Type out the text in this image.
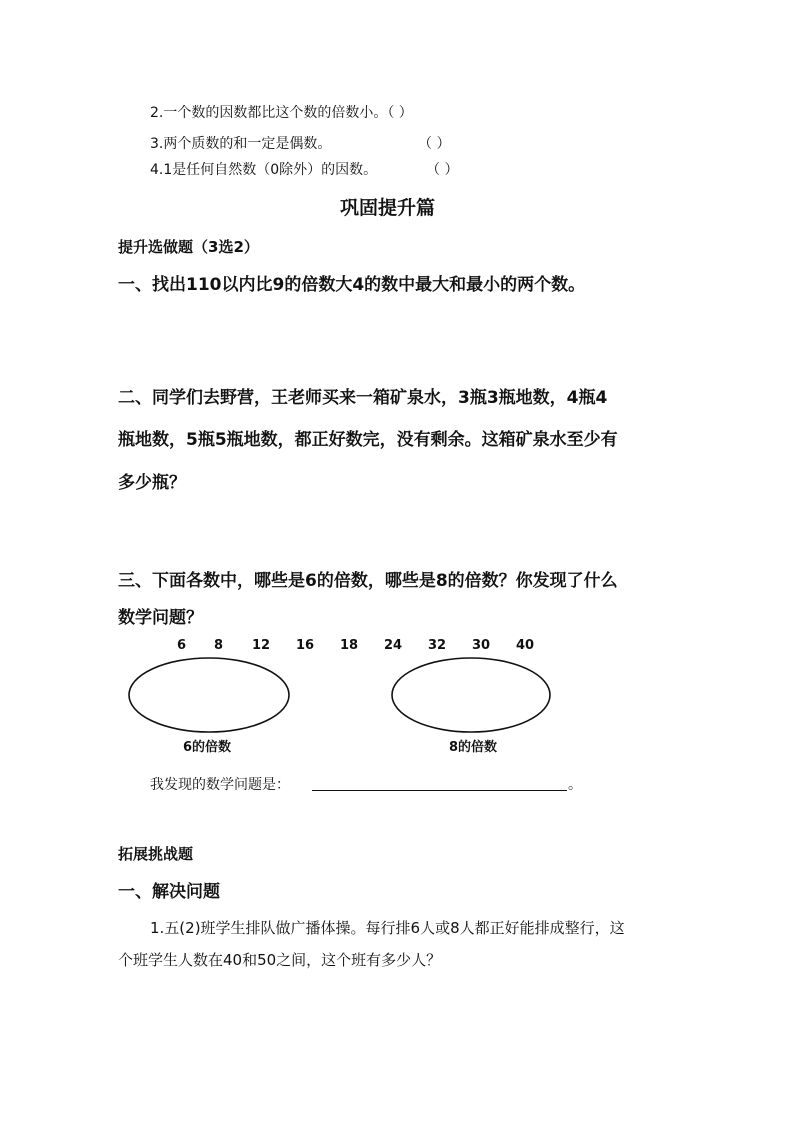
2.一个数的因数都比这个数的倍数小。（ ）
3.两个质数的和一定是偶数。	（ ）
4.1是任何自然数（0除外）的因数。	（ ）
巩固提升篇
提升选做题（3选2）
一、找出110以内比9的倍数大4的数中最大和最小的两个数。
二、同学们去野营，王老师买来一箱矿泉水，3瓶3瓶地数，4瓶4
瓶地数，5瓶5瓶地数，都正好数完，没有剩余。这箱矿泉水至少有
多少瓶？
三、下面各数中，哪些是6的倍数，哪些是8的倍数？你发现了什么
数学问题？
6 8 12 16 18 24 32 30 40
6的倍数	8的倍数
我发现的数学问题是：	。
拓展挑战题
一、解决问题
1.五(2)班学生排队做广播体操。每行排6人或8人都正好能排成整行，这
个班学生人数在40和50之间，这个班有多少人？
